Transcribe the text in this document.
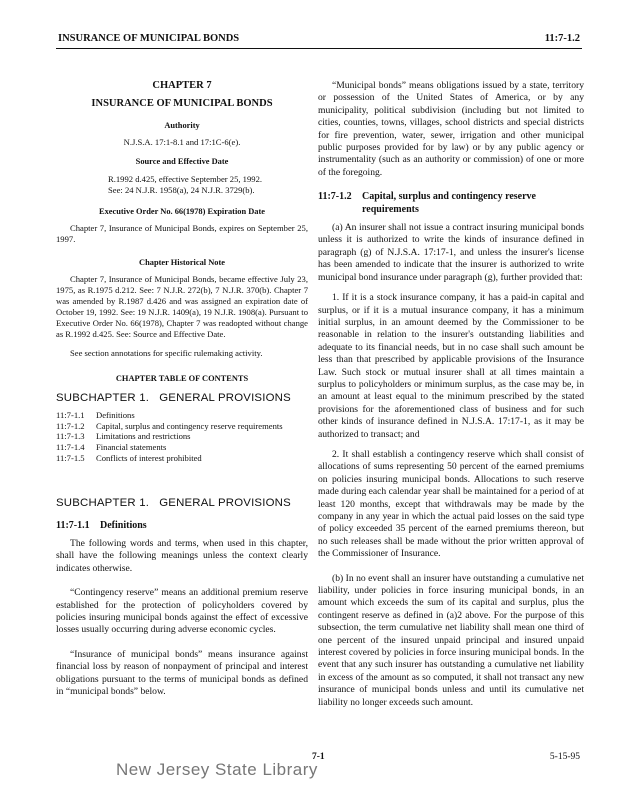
INSURANCE OF MUNICIPAL BONDS	11:7-1.2
CHAPTER 7
INSURANCE OF MUNICIPAL BONDS
Authority
N.J.S.A. 17:1-8.1 and 17:1C-6(e).
Source and Effective Date
R.1992 d.425, effective September 25, 1992.
See: 24 N.J.R. 1958(a), 24 N.J.R. 3729(b).
Executive Order No. 66(1978) Expiration Date

Chapter 7, Insurance of Municipal Bonds, expires on September 25, 1997.

Chapter Historical Note

Chapter 7, Insurance of Municipal Bonds, became effective July 23, 1975, as R.1975 d.212. See: 7 N.J.R. 272(b), 7 N.J.R. 370(b). Chapter 7 was amended by R.1987 d.426 and was assigned an expiration date of October 19, 1992. See: 19 N.J.R. 1409(a), 19 N.J.R. 1908(a). Pursuant to Executive Order No. 66(1978), Chapter 7 was readopted without change as R.1992 d.425. See: Source and Effective Date.

See section annotations for specific rulemaking activity.

CHAPTER TABLE OF CONTENTS
SUBCHAPTER 1.   GENERAL PROVISIONS
11:7-1.1	Definitions
11:7-1.2	Capital, surplus and contingency reserve requirements
11:7-1.3	Limitations and restrictions
11:7-1.4	Financial statements
11:7-1.5	Conflicts of interest prohibited
SUBCHAPTER 1.   GENERAL PROVISIONS
11:7-1.1 Definitions

The following words and terms, when used in this chapter, shall have the following meanings unless the context clearly indicates otherwise.

“Contingency reserve” means an additional premium reserve established for the protection of policyholders covered by policies insuring municipal bonds against the effect of excessive losses usually occurring during adverse economic cycles.

“Insurance of municipal bonds” means insurance against financial loss by reason of nonpayment of principal and interest obligations pursuant to the terms of municipal bonds as defined in “municipal bonds” below.

“Municipal bonds” means obligations issued by a state, territory or possession of the United States of America, or by any municipality, political subdivision (including but not limited to cities, counties, towns, villages, school districts and special districts for fire prevention, water, sewer, irrigation and other municipal public purposes provided for by law) or by any public agency or instrumentality (such as an authority or commission) of one or more of the foregoing.

11:7-1.2 Capital, surplus and contingency reserve
requirements

(a) An insurer shall not issue a contract insuring municipal bonds unless it is authorized to write the kinds of insurance defined in paragraph (g) of N.J.S.A. 17:17-1, and unless the insurer's license has been amended to indicate that the insurer is authorized to write municipal bond insurance under paragraph (g), further provided that:

1. If it is a stock insurance company, it has a paid-in capital and surplus, or if it is a mutual insurance company, it has a minimum initial surplus, in an amount deemed by the Commissioner to be reasonable in relation to the insurer's outstanding liabilities and adequate to its financial needs, but in no case shall such amount be less than that prescribed by applicable provisions of the Insurance Law. Such stock or mutual insurer shall at all times maintain a surplus to policyholders or minimum surplus, as the case may be, in an amount at least equal to the minimum prescribed by the stated provisions for the aforementioned class of business and for such other kinds of insurance defined in N.J.S.A. 17:17-1, as it may be authorized to transact; and

2. It shall establish a contingency reserve which shall consist of allocations of sums representing 50 percent of the earned premiums on policies insuring municipal bonds. Allocations to such reserve made during each calendar year shall be maintained for a period of at least 120 months, except that withdrawals may be made by the company in any year in which the actual paid losses on the said type of policy exceeded 35 percent of the earned premiums thereon, but no such releases shall be made without the prior written approval of the Commissioner of Insurance.

(b) In no event shall an insurer have outstanding a cumulative net liability, under policies in force insuring municipal bonds, in an amount which exceeds the sum of its capital and surplus, plus the contingent reserve as defined in (a)2 above. For the purpose of this subsection, the term cumulative net liability shall mean one third of one percent of the insured unpaid principal and insured unpaid interest covered by policies in force insuring municipal bonds. In the event that any such insurer has outstanding a cumulative net liability in excess of the amount as so computed, it shall not transact any new insurance of municipal bonds unless and until its cumulative net liability no longer exceeds such amount.

7-1	5-15-95
New Jersey State Library
